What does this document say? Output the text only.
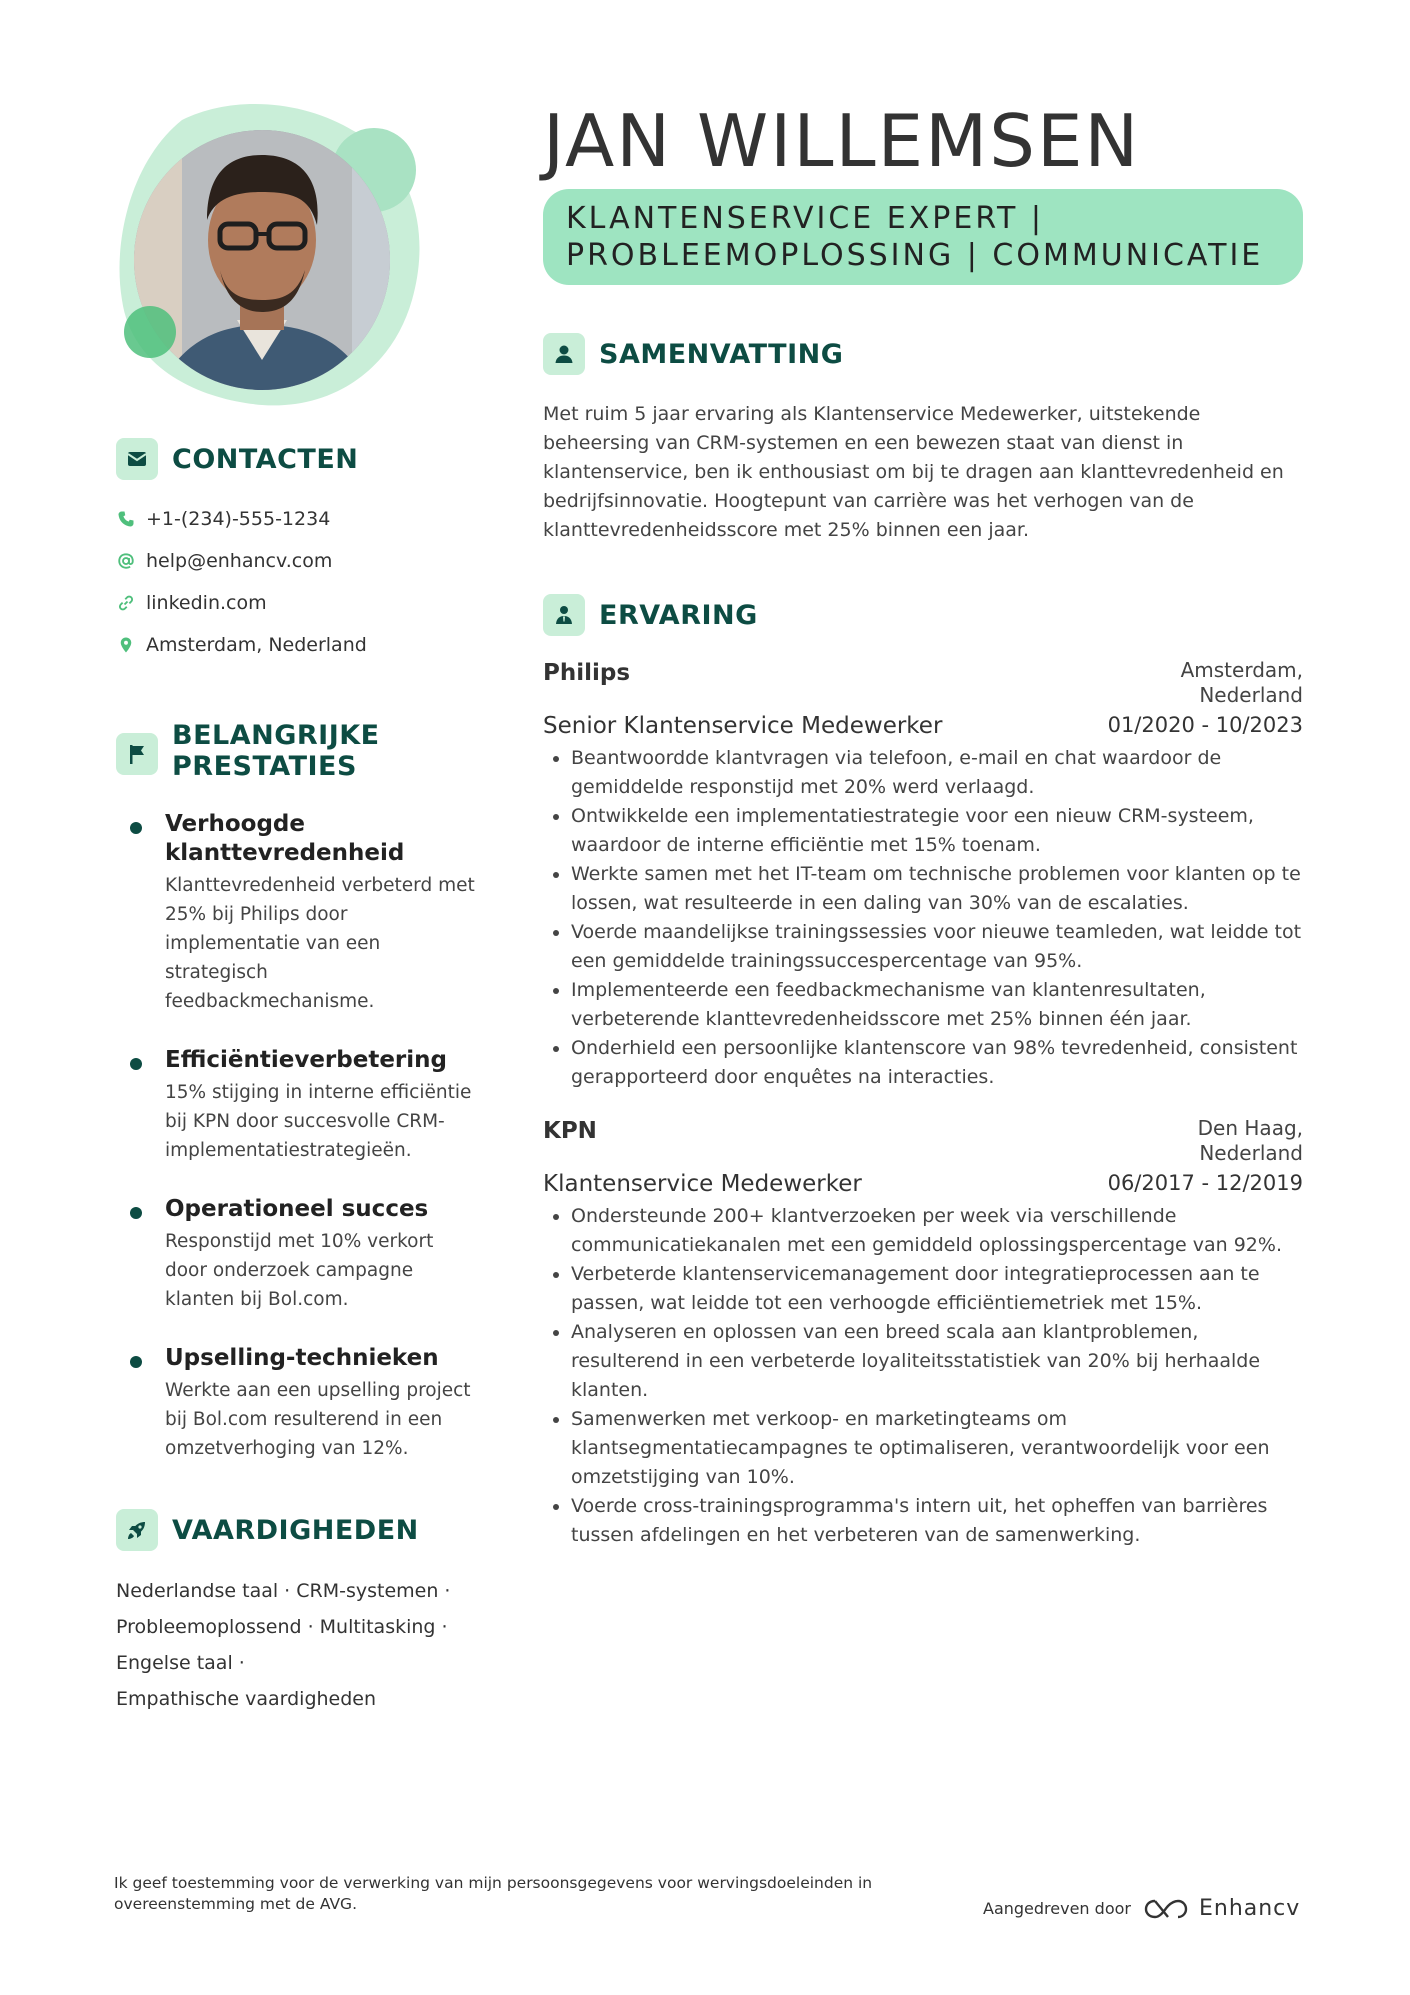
CONTACTEN
+1-(234)-555-1234
help@enhancv.com
linkedin.com
Amsterdam, Nederland
BELANGRIJKE PRESTATIES
Verhoogde klanttevredenheid
Klanttevredenheid verbeterd met 25% bij Philips door implementatie van een strategisch feedbackmechanisme.
Efficiëntieverbetering
15% stijging in interne efficiëntie bij KPN door succesvolle CRM-implementatiestrategieën.
Operationeel succes
Responstijd met 10% verkort door onderzoek campagne klanten bij Bol.com.
Upselling-technieken
Werkte aan een upselling project bij Bol.com resulterend in een omzetverhoging van 12%.
VAARDIGHEDEN
Nederlandse taal · CRM-systemen ·
Probleemoplossend · Multitasking ·
Engelse taal ·
Empathische vaardigheden
JAN WILLEMSEN
KLANTENSERVICE EXPERT | PROBLEEMOPLOSSING | COMMUNICATIE
SAMENVATTING
Met ruim 5 jaar ervaring als Klantenservice Medewerker, uitstekende beheersing van CRM-systemen en een bewezen staat van dienst in klantenservice, ben ik enthousiast om bij te dragen aan klanttevredenheid en bedrijfsinnovatie. Hoogtepunt van carrière was het verhogen van de klanttevredenheidsscore met 25% binnen een jaar.
ERVARING
Philips	Amsterdam,
Nederland
Senior Klantenservice Medewerker	01/2020 - 10/2023
• Beantwoordde klantvragen via telefoon, e-mail en chat waardoor de gemiddelde responstijd met 20% werd verlaagd.
• Ontwikkelde een implementatiestrategie voor een nieuw CRM-systeem, waardoor de interne efficiëntie met 15% toenam.
• Werkte samen met het IT-team om technische problemen voor klanten op te lossen, wat resulteerde in een daling van 30% van de escalaties.
• Voerde maandelijkse trainingssessies voor nieuwe teamleden, wat leidde tot een gemiddelde trainingssuccespercentage van 95%.
• Implementeerde een feedbackmechanisme van klantenresultaten, verbeterende klanttevredenheidsscore met 25% binnen één jaar.
• Onderhield een persoonlijke klantenscore van 98% tevredenheid, consistent gerapporteerd door enquêtes na interacties.
KPN	Den Haag,
Nederland
Klantenservice Medewerker	06/2017 - 12/2019
• Ondersteunde 200+ klantverzoeken per week via verschillende communicatiekanalen met een gemiddeld oplossingspercentage van 92%.
• Verbeterde klantenservicemanagement door integratieprocessen aan te passen, wat leidde tot een verhoogde efficiëntiemetriek met 15%.
• Analyseren en oplossen van een breed scala aan klantproblemen, resulterend in een verbeterde loyaliteitsstatistiek van 20% bij herhaalde klanten.
• Samenwerken met verkoop- en marketingteams om klantsegmentatiecampagnes te optimaliseren, verantwoordelijk voor een omzetstijging van 10%.
• Voerde cross-trainingsprogramma's intern uit, het opheffen van barrières tussen afdelingen en het verbeteren van de samenwerking.
Ik geef toestemming voor de verwerking van mijn persoonsgegevens voor wervingsdoeleinden in overeenstemming met de AVG.	Aangedreven door	Enhancv
